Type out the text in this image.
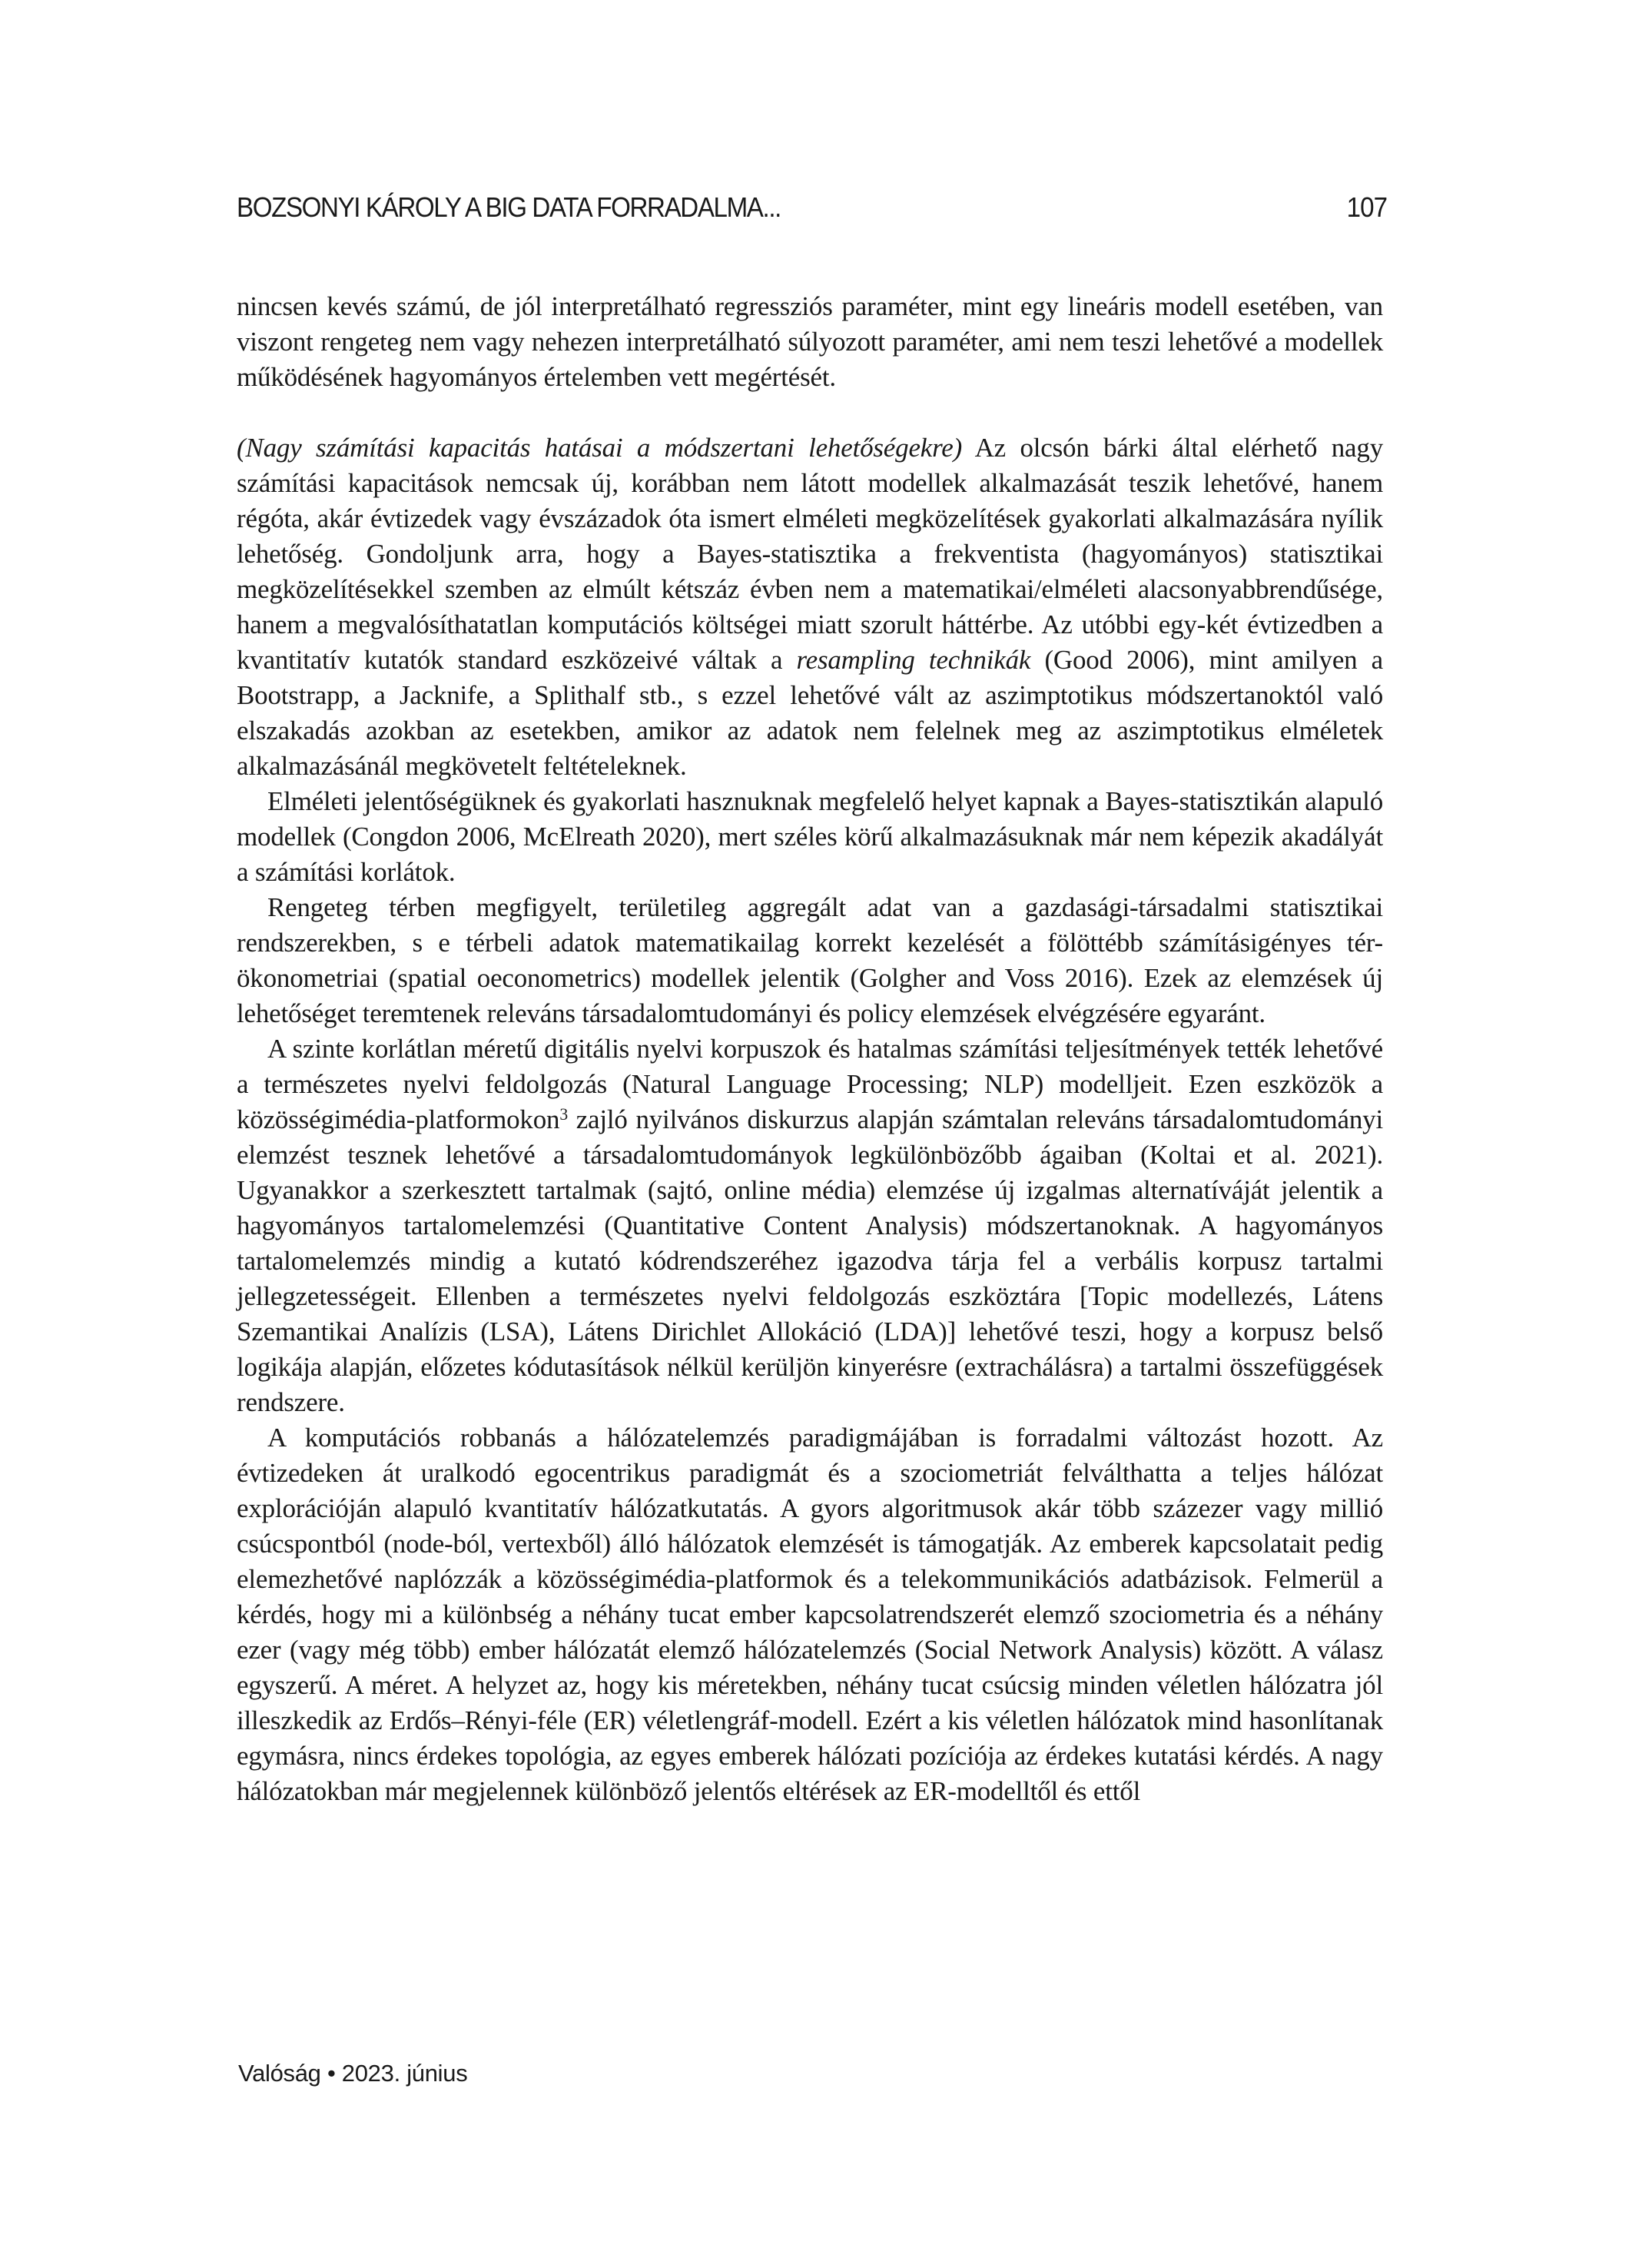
BOZSONYI KÁROLY A BIG DATA FORRADALMA...	107

nincsen kevés számú, de jól interpretálható regressziós paraméter, mint egy lineáris modell esetében, van viszont rengeteg nem vagy nehezen interpretálható súlyozott paraméter, ami nem teszi lehetővé a modellek működésének hagyományos értelemben vett megértését.

(Nagy számítási kapacitás hatásai a módszertani lehetőségekre) Az olcsón bárki által elérhető nagy számítási kapacitások nemcsak új, korábban nem látott modellek alkalmazását teszik lehetővé, hanem régóta, akár évtizedek vagy évszázadok óta ismert elméleti megközelítések gyakorlati alkalmazására nyílik lehetőség. Gondoljunk arra, hogy a Bayes-statisztika a frekventista (hagyományos) statisztikai megközelítésekkel szemben az elmúlt kétszáz évben nem a matematikai/elméleti alacsonyabbrendűsége, hanem a megvalósíthatatlan komputációs költségei miatt szorult háttérbe. Az utóbbi egy-két évtizedben a kvantitatív kutatók standard eszközeivé váltak a resampling technikák (Good 2006), mint amilyen a Bootstrapp, a Jacknife, a Splithalf stb., s ezzel lehetővé vált az aszimptotikus módszertanoktól való elszakadás azokban az esetekben, amikor az adatok nem felelnek meg az aszimptotikus elméletek alkalmazásánál megkövetelt feltételeknek.

Elméleti jelentőségüknek és gyakorlati hasznuknak megfelelő helyet kapnak a Bayes-statisztikán alapuló modellek (Congdon 2006, McElreath 2020), mert széles körű alkalmazásuknak már nem képezik akadályát a számítási korlátok.

Rengeteg térben megfigyelt, területileg aggregált adat van a gazdasági-társadalmi statisztikai rendszerekben, s e térbeli adatok matematikailag korrekt kezelését a fölöttébb számításigényes tér-ökonometriai (spatial oeconometrics) modellek jelentik (Golgher and Voss 2016). Ezek az elemzések új lehetőséget teremtenek releváns társadalomtudományi és policy elemzések elvégzésére egyaránt.

A szinte korlátlan méretű digitális nyelvi korpuszok és hatalmas számítási teljesítmények tették lehetővé a természetes nyelvi feldolgozás (Natural Language Processing; NLP) modelljeit. Ezen eszközök a közösségimédia-platformokon$^3$ zajló nyilvános diskurzus alapján számtalan releváns társadalomtudományi elemzést tesznek lehetővé a társadalomtudományok legkülönbözőbb ágaiban (Koltai et al. 2021). Ugyanakkor a szerkesztett tartalmak (sajtó, online média) elemzése új izgalmas alternatíváját jelentik a hagyományos tartalomelemzési (Quantitative Content Analysis) módszertanoknak. A hagyományos tartalomelemzés mindig a kutató kódrendszeréhez igazodva tárja fel a verbális korpusz tartalmi jellegzetességeit. Ellenben a természetes nyelvi feldolgozás eszköztára [Topic modellezés, Látens Szemantikai Analízis (LSA), Látens Dirichlet Allokáció (LDA)] lehetővé teszi, hogy a korpusz belső logikája alapján, előzetes kódutasítások nélkül kerüljön kinyerésre (extrachálásra) a tartalmi összefüggések rendszere.

A komputációs robbanás a hálózatelemzés paradigmájában is forradalmi változást hozott. Az évtizedeken át uralkodó egocentrikus paradigmát és a szociometriát felválthatta a teljes hálózat explorációján alapuló kvantitatív hálózatkutatás. A gyors algoritmusok akár több százezer vagy millió csúcspontból (node-ból, vertexből) álló hálózatok elemzését is támogatják. Az emberek kapcsolatait pedig elemezhetővé naplózzák a közösségimédia-platformok és a telekommunikációs adatbázisok. Felmerül a kérdés, hogy mi a különbség a néhány tucat ember kapcsolatrendszerét elemző szociometria és a néhány ezer (vagy még több) ember hálózatát elemző hálózatelemzés (Social Network Analysis) között. A válasz egyszerű. A méret. A helyzet az, hogy kis méretekben, néhány tucat csúcsig minden véletlen hálózatra jól illeszkedik az Erdős–Rényi-féle (ER) véletlengráf-modell. Ezért a kis véletlen hálózatok mind hasonlítanak egymásra, nincs érdekes topológia, az egyes emberek hálózati pozíciója az érdekes kutatási kérdés. A nagy hálózatokban már megjelennek különböző jelentős eltérések az ER-modelltől és ettől

Valóság • 2023. június
